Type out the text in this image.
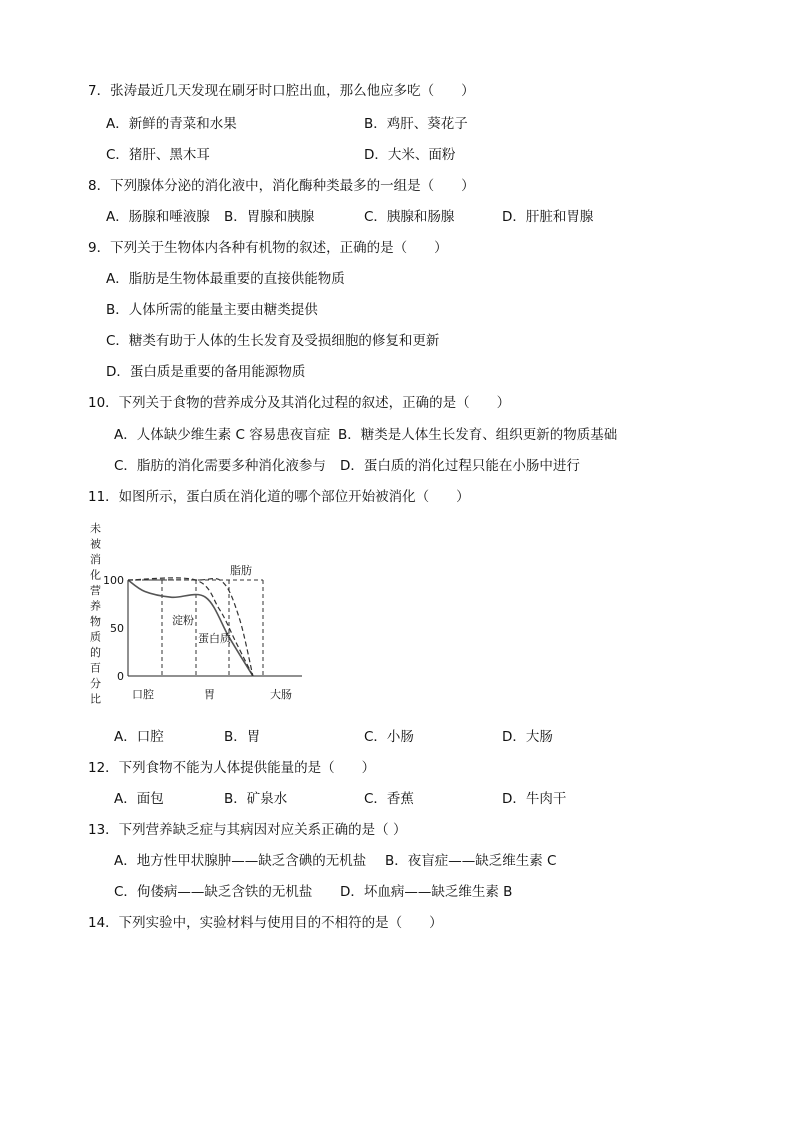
7．张涛最近几天发现在刷牙时口腔出血，那么他应多吃（　　）
A．新鲜的青菜和水果	B．鸡肝、葵花子
C．猪肝、黑木耳	D．大米、面粉
8．下列腺体分泌的消化液中，消化酶种类最多的一组是（　　）
A．肠腺和唾液腺 B．胃腺和胰腺	C．胰腺和肠腺	D．肝脏和胃腺
9．下列关于生物体内各种有机物的叙述，正确的是（　　）
A．脂肪是生物体最重要的直接供能物质
B．人体所需的能量主要由糖类提供
C．糖类有助于人体的生长发育及受损细胞的修复和更新
D．蛋白质是重要的备用能源物质
10．下列关于食物的营养成分及其消化过程的叙述，正确的是（　　）
A．人体缺少维生素 C 容易患夜盲症 B．糖类是人体生长发育、组织更新的物质基础
C．脂肪的消化需要多种消化液参与 D．蛋白质的消化过程只能在小肠中进行
11．如图所示，蛋白质在消化道的哪个部位开始被消化（　　）
未
被
消
化
营
养
物
质
的
百
分
比
100
50
0
脂肪
淀粉
蛋白质
口腔	胃	大肠
A．口腔	B．胃	C．小肠	D．大肠
12．下列食物不能为人体提供能量的是（　　）
A．面包	B．矿泉水	C．香蕉	D．牛肉干
13．下列营养缺乏症与其病因对应关系正确的是（ ）
A．地方性甲状腺肿——缺乏含碘的无机盐 B．夜盲症——缺乏维生素 C
C．佝偻病——缺乏含铁的无机盐 D．坏血病——缺乏维生素 B
14．下列实验中，实验材料与使用目的不相符的是（　　）
